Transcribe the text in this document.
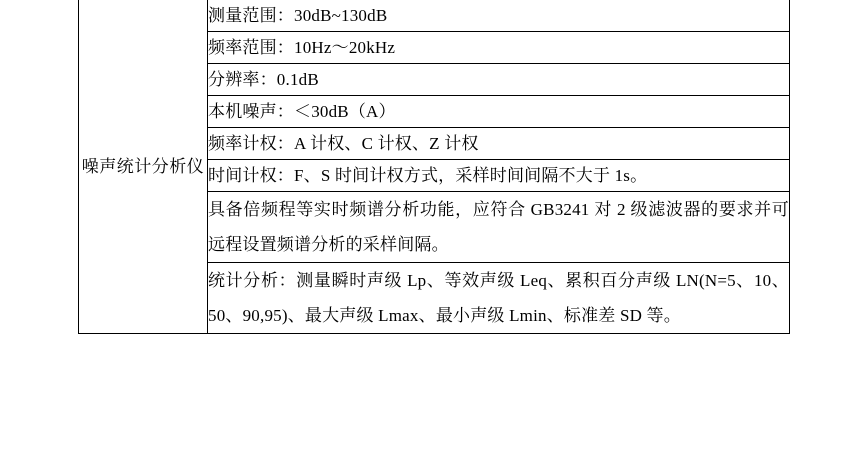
噪声统计分析仪

测量范围：30dB~130dB

频率范围：10Hz～20kHz

分辨率：0.1dB

本机噪声：＜30dB（A）

频率计权：A 计权、C 计权、Z 计权

时间计权：F、S 时间计权方式，采样时间间隔不大于 1s。

具备倍频程等实时频谱分析功能，应符合 GB3241 对 2 级滤波器的要求并可远程设置频谱分析的采样间隔。

统计分析：测量瞬时声级 Lp、等效声级 Leq、累积百分声级 LN(N=5、10、50、90,95)、最大声级 Lmax、最小声级 Lmin、标准差 SD 等。
